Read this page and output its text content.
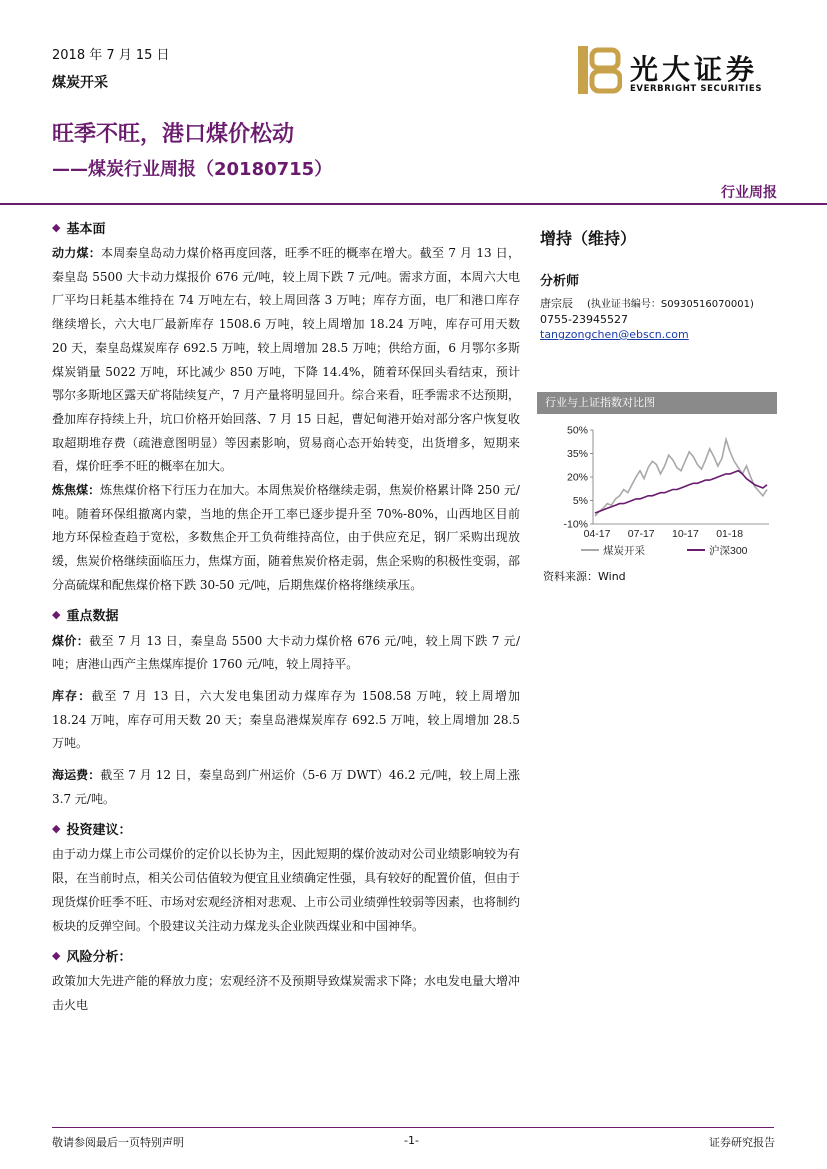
2018 年 7 月 15 日
煤炭开采
旺季不旺，港口煤价松动
——煤炭行业周报（20180715）
行业周报
光大证券
EVERBRIGHT SECURITIES
◆ 基本面

动力煤：本周秦皇岛动力煤价格再度回落，旺季不旺的概率在增大。截至 7 月 13 日，秦皇岛 5500 大卡动力煤报价 676 元/吨，较上周下跌 7 元/吨。需求方面，本周六大电厂平均日耗基本维持在 74 万吨左右，较上周回落 3 万吨；库存方面，电厂和港口库存继续增长，六大电厂最新库存 1508.6 万吨，较上周增加 18.24 万吨，库存可用天数 20 天，秦皇岛煤炭库存 692.5 万吨，较上周增加 28.5 万吨；供给方面，6 月鄂尔多斯煤炭销量 5022 万吨，环比减少 850 万吨，下降 14.4%，随着环保回头看结束，预计鄂尔多斯地区露天矿将陆续复产，7 月产量将明显回升。综合来看，旺季需求不达预期，叠加库存持续上升，坑口价格开始回落、7 月 15 日起，曹妃甸港开始对部分客户恢复收取超期堆存费（疏港意图明显）等因素影响，贸易商心态开始转变，出货增多，短期来看，煤价旺季不旺的概率在加大。

炼焦煤：炼焦煤价格下行压力在加大。本周焦炭价格继续走弱，焦炭价格累计降 250 元/吨。随着环保组撤离内蒙，当地的焦企开工率已逐步提升至 70%-80%，山西地区目前地方环保检查趋于宽松，多数焦企开工负荷维持高位，由于供应充足，钢厂采购出现放缓，焦炭价格继续面临压力，焦煤方面，随着焦炭价格走弱，焦企采购的积极性变弱，部分高硫煤和配焦煤价格下跌 30-50 元/吨，后期焦煤价格将继续承压。

◆ 重点数据

煤价：截至 7 月 13 日，秦皇岛 5500 大卡动力煤价格 676 元/吨，较上周下跌 7 元/吨；唐港山西产主焦煤库提价 1760 元/吨，较上周持平。

库存：截至 7 月 13 日，六大发电集团动力煤库存为 1508.58 万吨，较上周增加 18.24 万吨，库存可用天数 20 天；秦皇岛港煤炭库存 692.5 万吨，较上周增加 28.5 万吨。

海运费：截至 7 月 12 日，秦皇岛到广州运价（5-6 万 DWT）46.2 元/吨，较上周上涨 3.7 元/吨。

◆ 投资建议：

由于动力煤上市公司煤价的定价以长协为主，因此短期的煤价波动对公司业绩影响较为有限，在当前时点，相关公司估值较为便宜且业绩确定性强，具有较好的配置价值，但由于现货煤价旺季不旺、市场对宏观经济相对悲观、上市公司业绩弹性较弱等因素，也将制约板块的反弹空间。个股建议关注动力煤龙头企业陕西煤业和中国神华。

◆ 风险分析：

政策加大先进产能的释放力度；宏观经济不及预期导致煤炭需求下降；水电发电量大增冲击火电

增持（维持）
分析师
唐宗辰 (执业证书编号：S0930516070001)
0755-23945527
tangzongchen@ebscn.com
行业与上证指数对比图
50%
35%
20%
5%
-10%
04-17 07-17 10-17 01-18
煤炭开采	沪深300
资料来源：Wind
敬请参阅最后一页特别声明	-1-	证券研究报告
